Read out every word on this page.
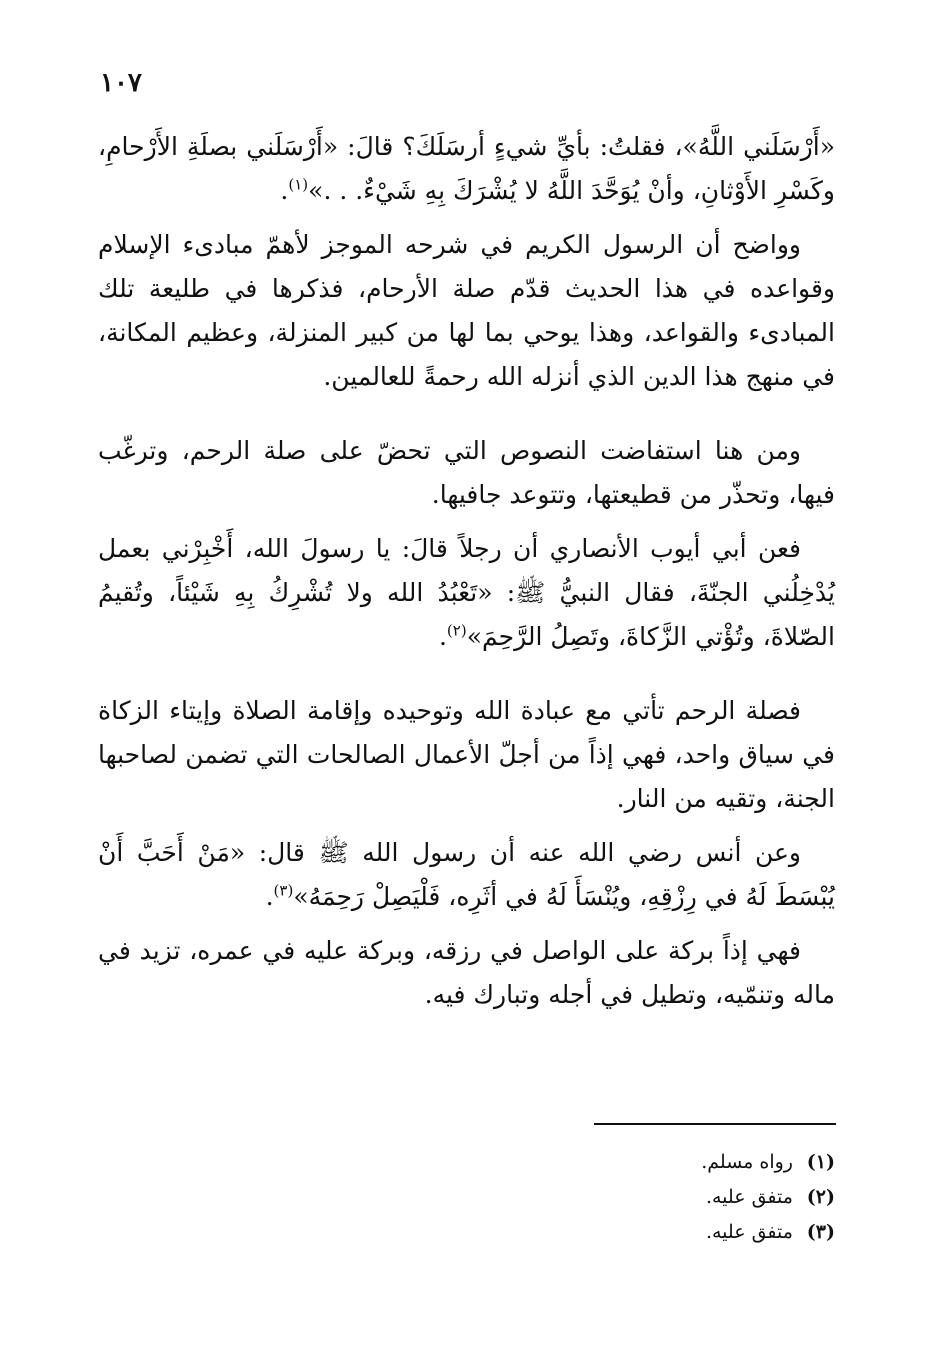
١٠٧

«أَرْسَلَني اللَّهُ»، فقلتُ: بأيِّ شيءٍ أرسَلَكَ؟ قالَ: «أَرْسَلَني بصلَةِ الأَرْحامِ، وكَسْرِ الأَوْثانِ، وأنْ يُوَحَّدَ اللَّهُ لا يُشْرَكَ بِهِ شَيْءٌ. . .»$^{(١)}$.

وواضح أن الرسول الكريم في شرحه الموجز لأهمّ مبادىء الإسلام وقواعده في هذا الحديث قدّم صلة الأرحام، فذكرها في طليعة تلك المبادىء والقواعد، وهذا يوحي بما لها من كبير المنزلة، وعظيم المكانة، في منهج هذا الدين الذي أنزله الله رحمةً للعالمين.

ومن هنا استفاضت النصوص التي تحضّ على صلة الرحم، وترغّب فيها، وتحذّر من قطيعتها، وتتوعد جافيها.

فعن أبي أيوب الأنصاري أن رجلاً قالَ: يا رسولَ الله، أَخْبِرْني بعمل يُدْخِلُني الجنّةَ، فقال النبيُّ ﷺ: «تَعْبُدُ الله ولا تُشْرِكُ بِهِ شَيْئاً، وتُقيمُ الصّلاةَ، وتُؤْتي الزَّكاةَ، وتَصِلُ الرَّحِمَ»$^{(٢)}$.

فصلة الرحم تأتي مع عبادة الله وتوحيده وإقامة الصلاة وإيتاء الزكاة في سياق واحد، فهي إذاً من أجلّ الأعمال الصالحات التي تضمن لصاحبها الجنة، وتقيه من النار.

وعن أنس رضي الله عنه أن رسول الله ﷺ قال: «مَنْ أَحَبَّ أَنْ يُبْسَطَ لَهُ في رِزْقِهِ، ويُنْسَأَ لَهُ في أثَرِه، فَلْيَصِلْ رَحِمَهُ»$^{(٣)}$.

فهي إذاً بركة على الواصل في رزقه، وبركة عليه في عمره، تزيد في ماله وتنمّيه، وتطيل في أجله وتبارك فيه.

(١) رواه مسلم.
(٢) متفق عليه.
(٣) متفق عليه.
